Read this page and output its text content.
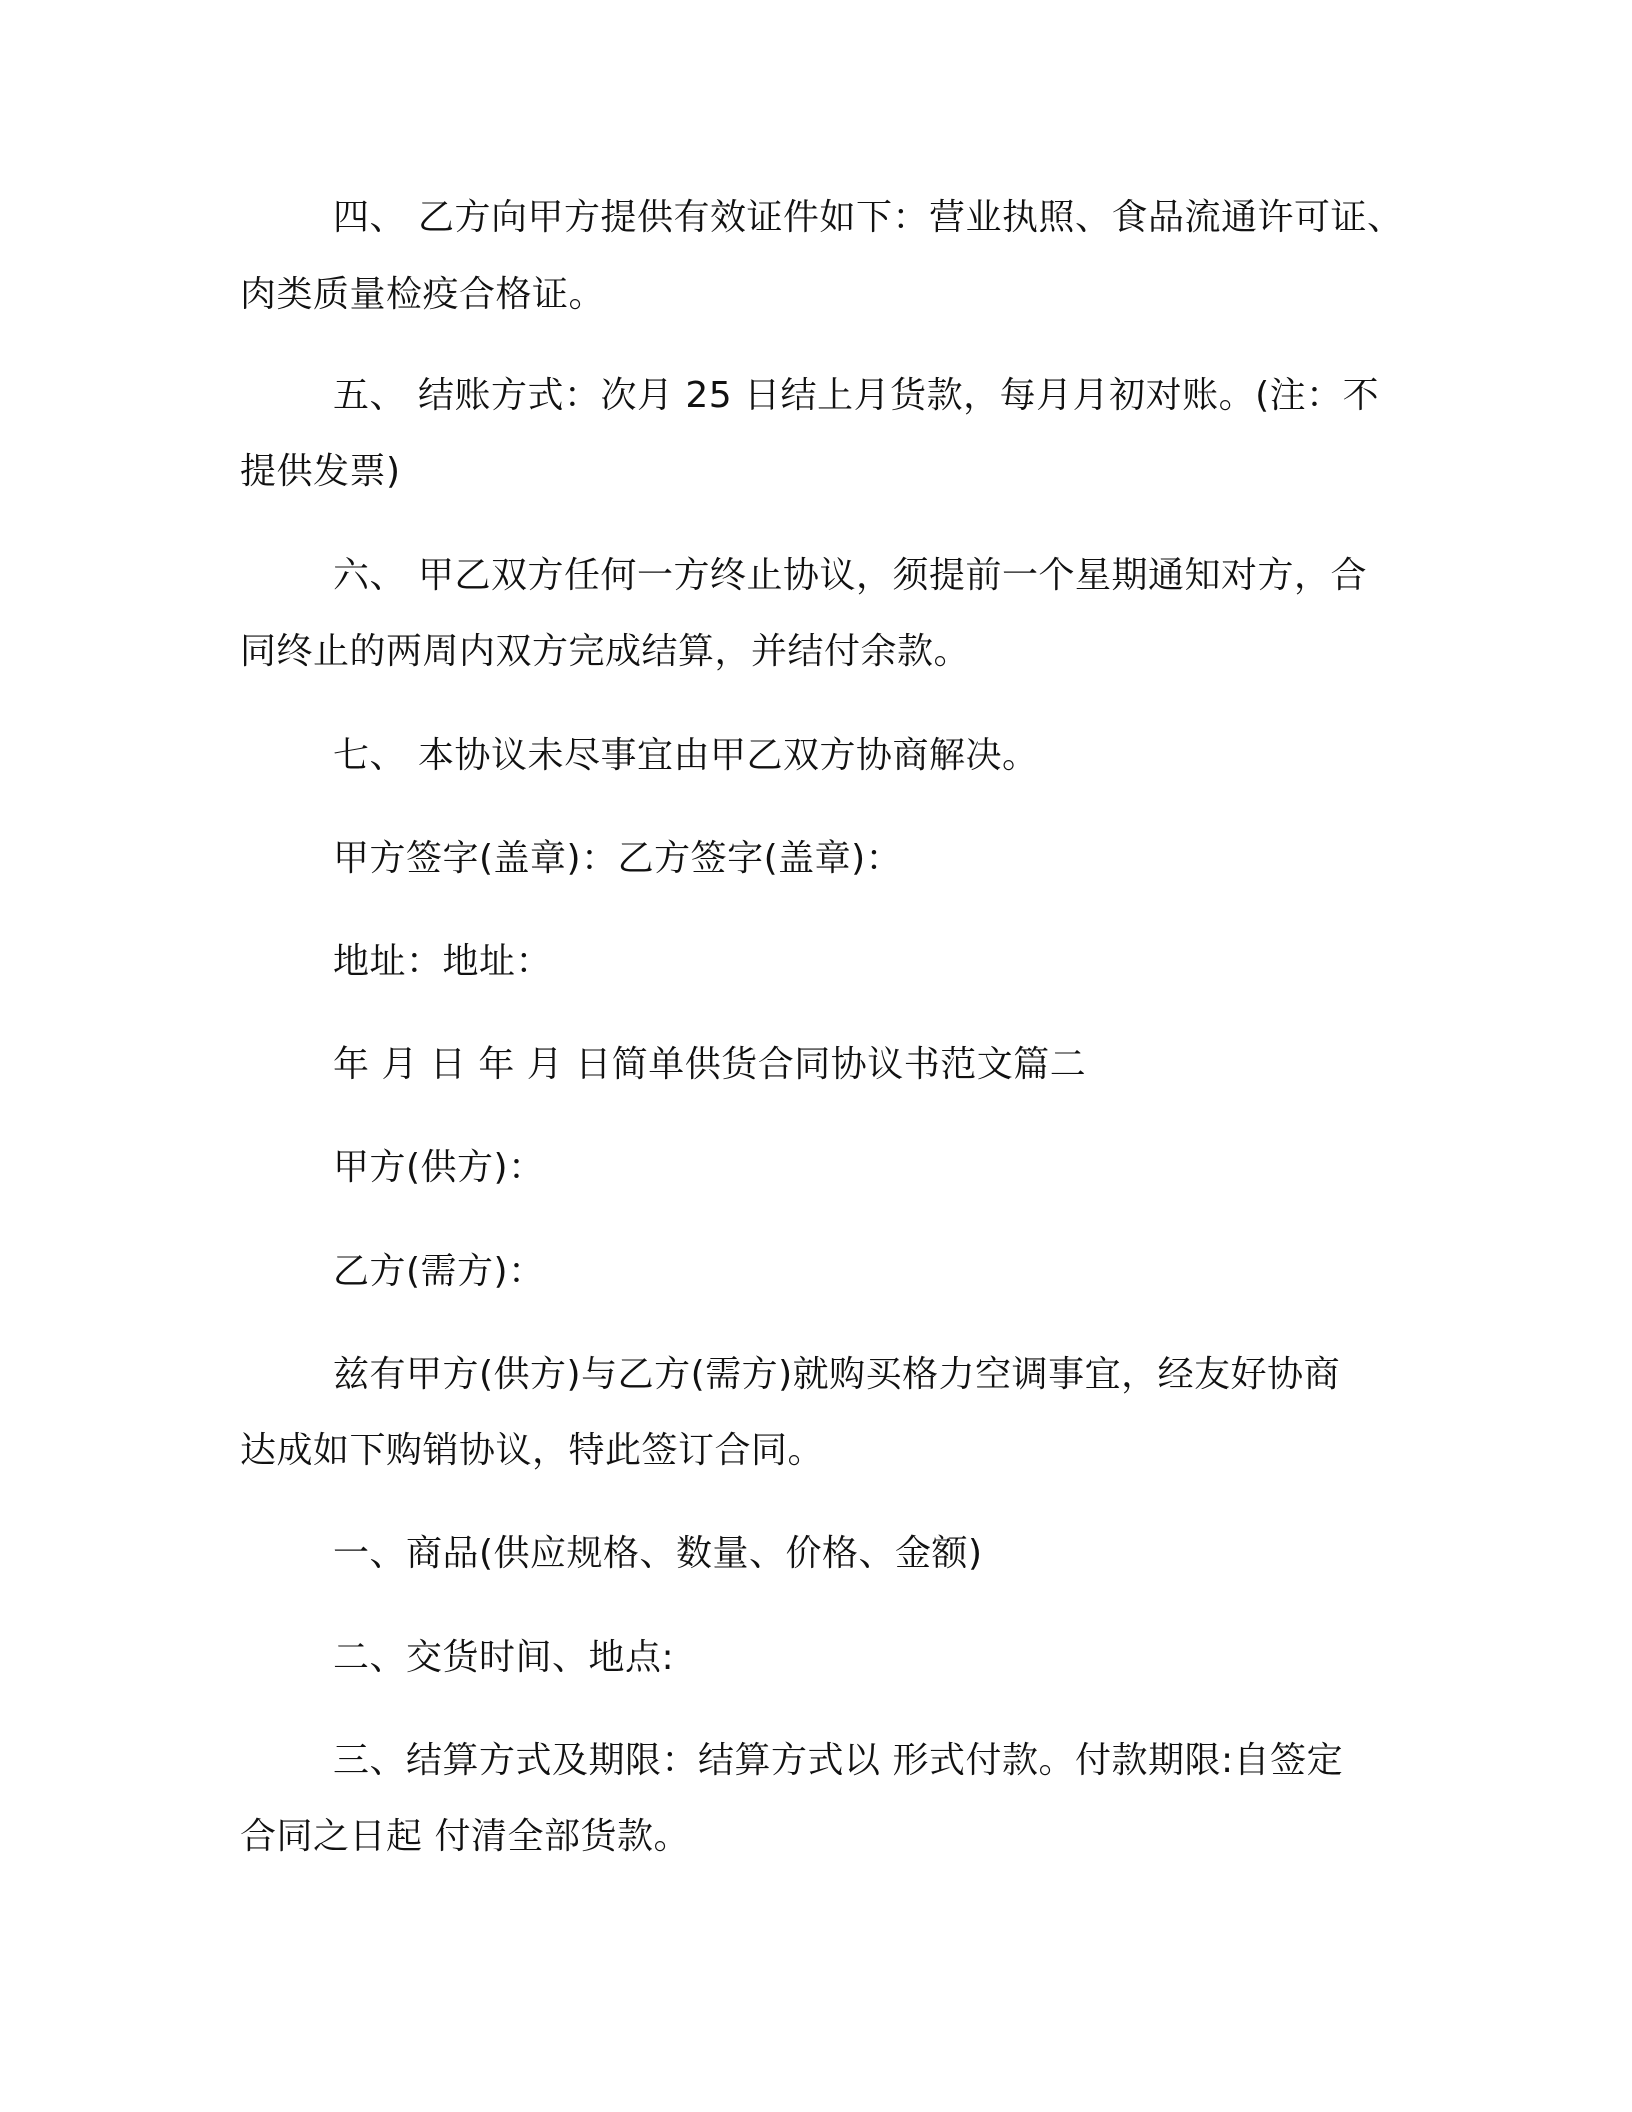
四、 乙方向甲方提供有效证件如下：营业执照、食品流通许可证、
肉类质量检疫合格证。
五、 结账方式：次月 25 日结上月货款，每月月初对账。(注：不
提供发票)
六、 甲乙双方任何一方终止协议，须提前一个星期通知对方，合
同终止的两周内双方完成结算，并结付余款。
七、 本协议未尽事宜由甲乙双方协商解决。
甲方签字(盖章)：乙方签字(盖章)：
地址：地址：
年 月 日 年 月 日简单供货合同协议书范文篇二
甲方(供方)：
乙方(需方)：
兹有甲方(供方)与乙方(需方)就购买格力空调事宜，经友好协商
达成如下购销协议，特此签订合同。
一、商品(供应规格、数量、价格、金额)
二、交货时间、地点:
三、结算方式及期限：结算方式以 形式付款。付款期限:自签定
合同之日起 付清全部货款。
